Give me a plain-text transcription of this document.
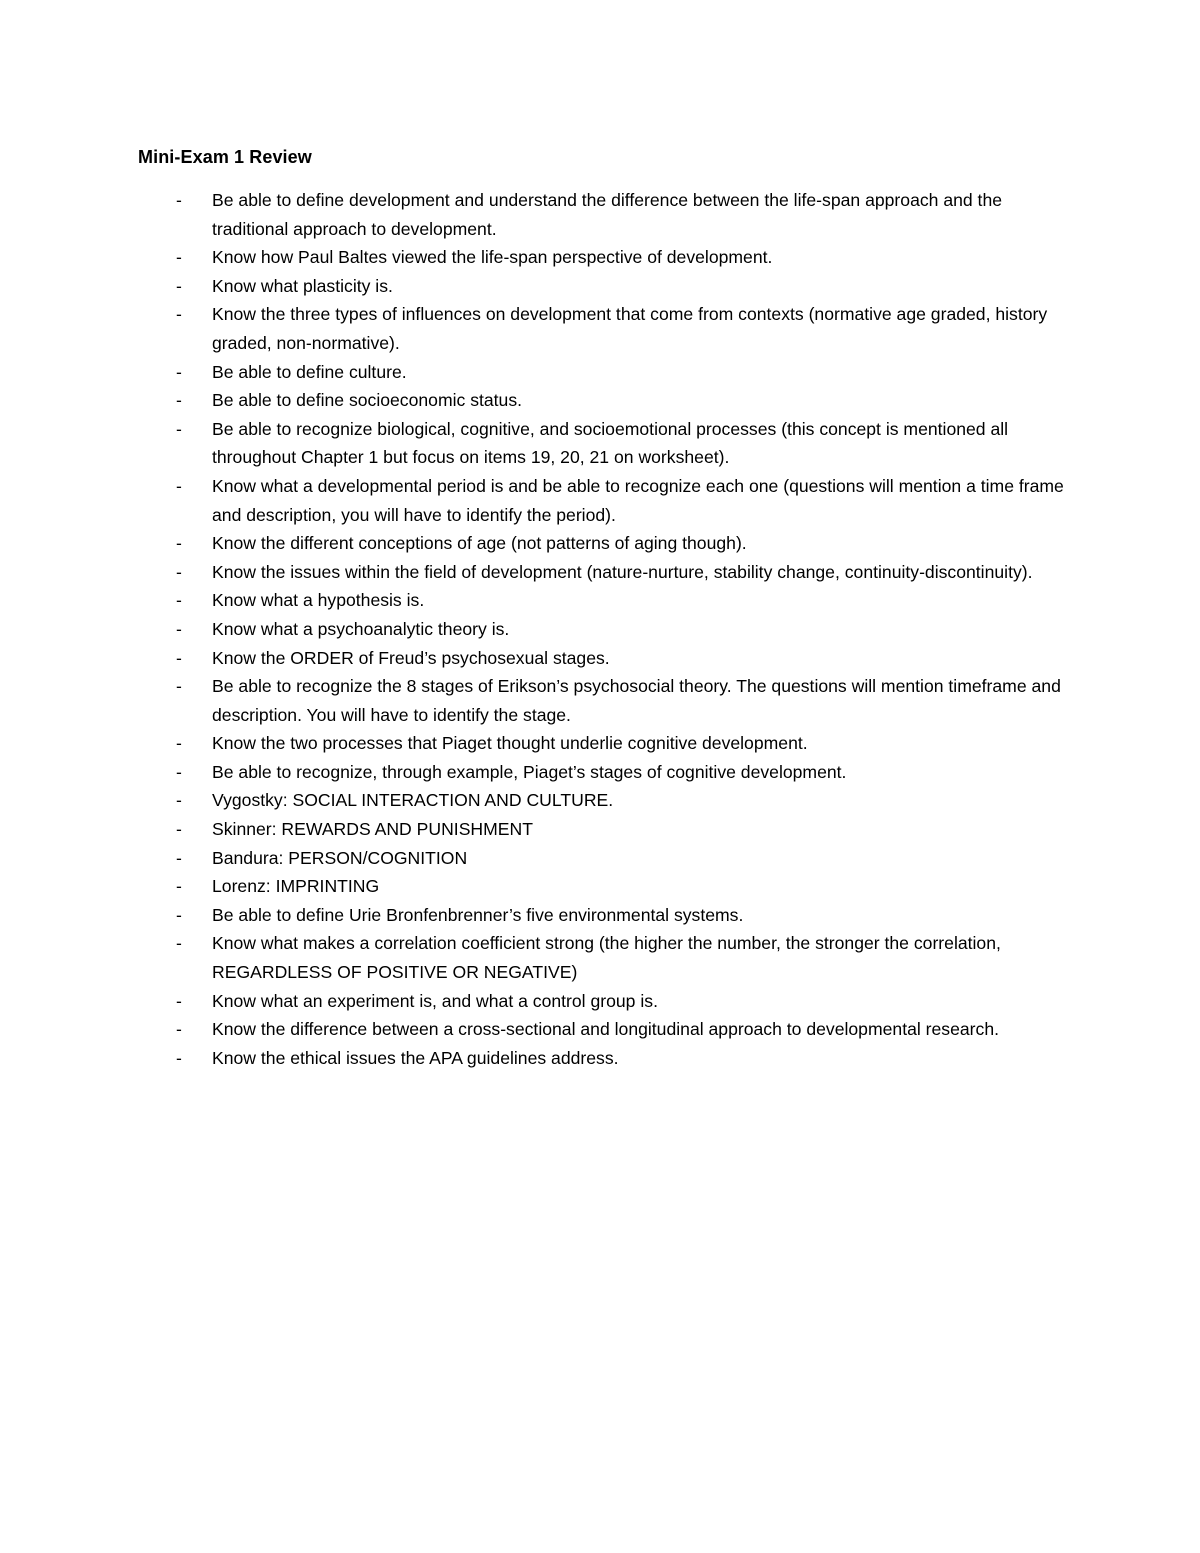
Mini-Exam 1 Review
- Be able to define development and understand the difference between the life-span approach and the traditional approach to development.
- Know how Paul Baltes viewed the life-span perspective of development.
- Know what plasticity is.
- Know the three types of influences on development that come from contexts (normative age graded, history graded, non-normative).
- Be able to define culture.
- Be able to define socioeconomic status.
- Be able to recognize biological, cognitive, and socioemotional processes (this concept is mentioned all throughout Chapter 1 but focus on items 19, 20, 21 on worksheet).
- Know what a developmental period is and be able to recognize each one (questions will mention a time frame and description, you will have to identify the period).
- Know the different conceptions of age (not patterns of aging though).
- Know the issues within the field of development (nature-nurture, stability change, continuity-discontinuity).
- Know what a hypothesis is.
- Know what a psychoanalytic theory is.
- Know the ORDER of Freud’s psychosexual stages.
- Be able to recognize the 8 stages of Erikson’s psychosocial theory. The questions will mention timeframe and description. You will have to identify the stage.
- Know the two processes that Piaget thought underlie cognitive development.
- Be able to recognize, through example, Piaget’s stages of cognitive development.
- Vygostky: SOCIAL INTERACTION AND CULTURE.
- Skinner: REWARDS AND PUNISHMENT
- Bandura: PERSON/COGNITION
- Lorenz: IMPRINTING
- Be able to define Urie Bronfenbrenner’s five environmental systems.
- Know what makes a correlation coefficient strong (the higher the number, the stronger the correlation, REGARDLESS OF POSITIVE OR NEGATIVE)
- Know what an experiment is, and what a control group is.
- Know the difference between a cross-sectional and longitudinal approach to developmental research.
- Know the ethical issues the APA guidelines address.
